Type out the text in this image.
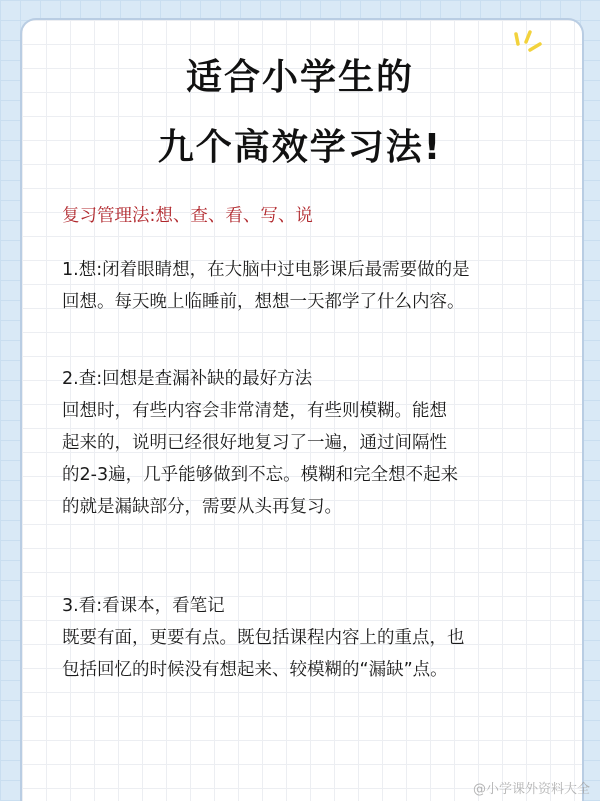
适合小学生的
九个高效学习法!

复习管理法:想、查、看、写、说

1.想:闭着眼睛想，在大脑中过电影课后最需要做的是
回想。每天晚上临睡前，想想一天都学了什么内容。
2.查:回想是查漏补缺的最好方法
回想时，有些内容会非常清楚，有些则模糊。能想
起来的，说明已经很好地复习了一遍，通过间隔性
的2-3遍，几乎能够做到不忘。模糊和完全想不起来
的就是漏缺部分，需要从头再复习。
3.看:看课本，看笔记
既要有面，更要有点。既包括课程内容上的重点，也
包括回忆的时候没有想起来、较模糊的“漏缺”点。
@小学课外资料大全
